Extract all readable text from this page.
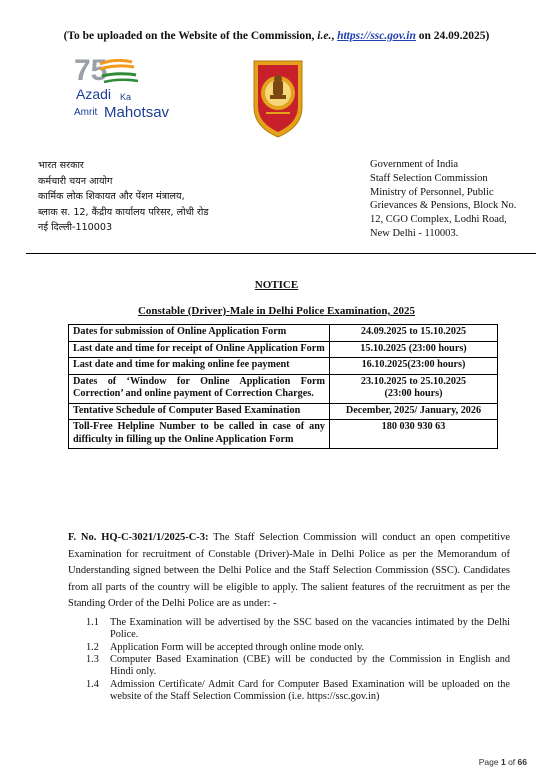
(To be uploaded on the Website of the Commission, i.e., https://ssc.gov.in on 24.09.2025)
75
Azadi Ka
Amrit Mahotsav
भारत सरकार
कर्मचारी चयन आयोग
कार्मिक लोक शिकायत और पेंशन मंत्रालय,
ब्लाक स. 12, कैंद्रीय कार्यालय परिसर, लोधी रोड
नई दिल्ली-110003
Government of India
Staff Selection Commission
Ministry of Personnel, Public
Grievances & Pensions, Block No.
12, CGO Complex, Lodhi Road,
New Delhi - 110003.
NOTICE
Constable (Driver)-Male in Delhi Police Examination, 2025
Dates for submission of Online Application Form	24.09.2025 to 15.10.2025
Last date and time for receipt of Online Application Form	15.10.2025 (23:00 hours)
Last date and time for making online fee payment	16.10.2025(23:00 hours)
Dates of ‘Window for Online Application Form Correction’ and online payment of Correction Charges.	23.10.2025 to 25.10.2025
(23:00 hours)
Tentative Schedule of Computer Based Examination	December, 2025/ January, 2026
Toll-Free Helpline Number to be called in case of any difficulty in filling up the Online Application Form	180 030 930 63
F. No. HQ-C-3021/1/2025-C-3: The Staff Selection Commission will conduct an open competitive Examination for recruitment of Constable (Driver)-Male in Delhi Police as per the Memorandum of Understanding signed between the Delhi Police and the Staff Selection Commission (SSC). Candidates from all parts of the country will be eligible to apply. The salient features of the recruitment as per the Standing Order of the Delhi Police are as under: -
1.1	The Examination will be advertised by the SSC based on the vacancies intimated by the Delhi Police.
1.2	Application Form will be accepted through online mode only.
1.3	Computer Based Examination (CBE) will be conducted by the Commission in English and Hindi only.
1.4	Admission Certificate/ Admit Card for Computer Based Examination will be uploaded on the website of the Staff Selection Commission (i.e. https://ssc.gov.in)
Page 1 of 66
